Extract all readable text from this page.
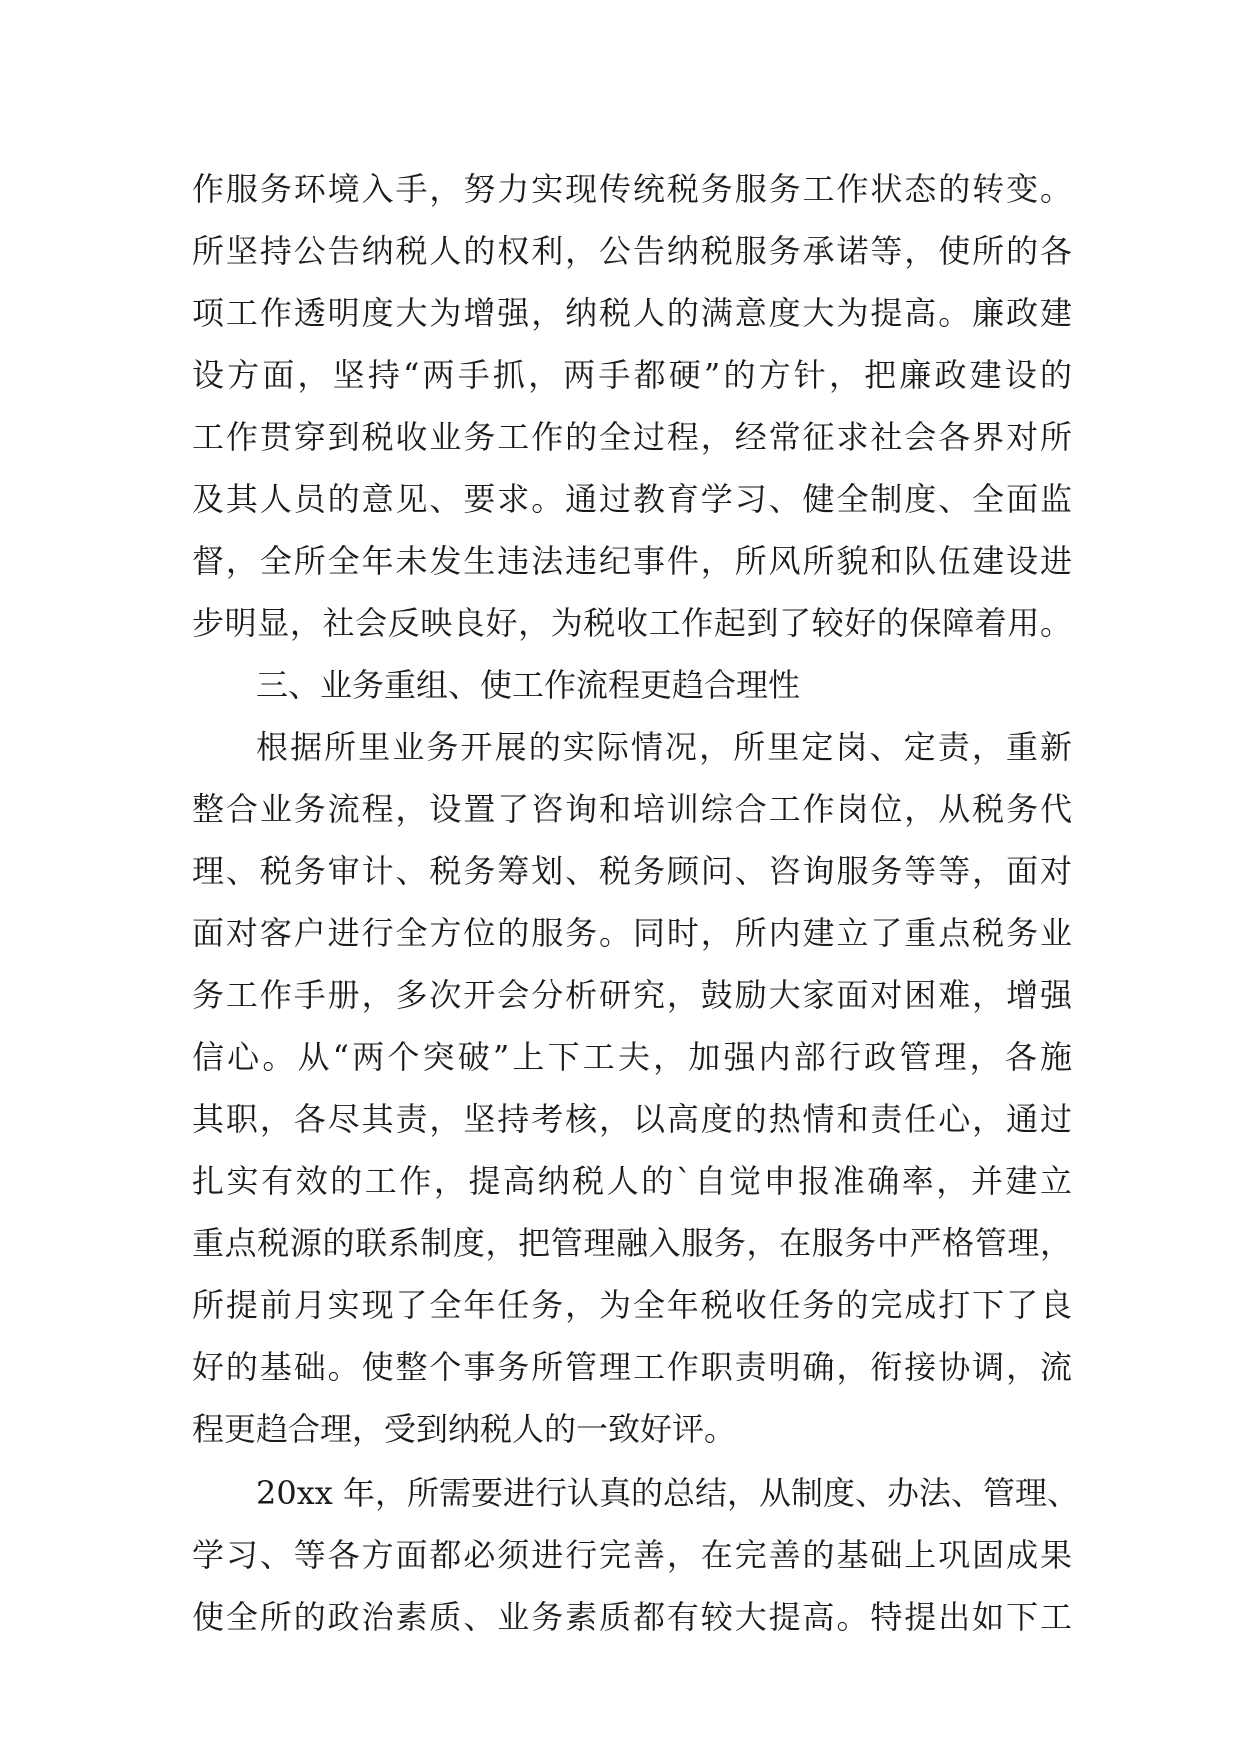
作服务环境入手，努力实现传统税务服务工作状态的转变。
所坚持公告纳税人的权利，公告纳税服务承诺等，使所的各
项工作透明度大为增强，纳税人的满意度大为提高。廉政建
设方面，坚持“两手抓，两手都硬”的方针，把廉政建设的
工作贯穿到税收业务工作的全过程，经常征求社会各界对所
及其人员的意见、要求。通过教育学习、健全制度、全面监
督，全所全年未发生违法违纪事件，所风所貌和队伍建设进
步明显，社会反映良好，为税收工作起到了较好的保障着用。
三、业务重组、使工作流程更趋合理性
根据所里业务开展的实际情况，所里定岗、定责，重新
整合业务流程，设置了咨询和培训综合工作岗位，从税务代
理、税务审计、税务筹划、税务顾问、咨询服务等等，面对
面对客户进行全方位的服务。同时，所内建立了重点税务业
务工作手册，多次开会分析研究，鼓励大家面对困难，增强
信心。从“两个突破”上下工夫，加强内部行政管理，各施
其职，各尽其责，坚持考核，以高度的热情和责任心，通过
扎实有效的工作，提高纳税人的`自觉申报准确率，并建立
重点税源的联系制度，把管理融入服务，在服务中严格管理，
所提前月实现了全年任务，为全年税收任务的完成打下了良
好的基础。使整个事务所管理工作职责明确，衔接协调，流
程更趋合理，受到纳税人的一致好评。
20xx 年，所需要进行认真的总结，从制度、办法、管理、
学习、等各方面都必须进行完善，在完善的基础上巩固成果
使全所的政治素质、业务素质都有较大提高。特提出如下工
